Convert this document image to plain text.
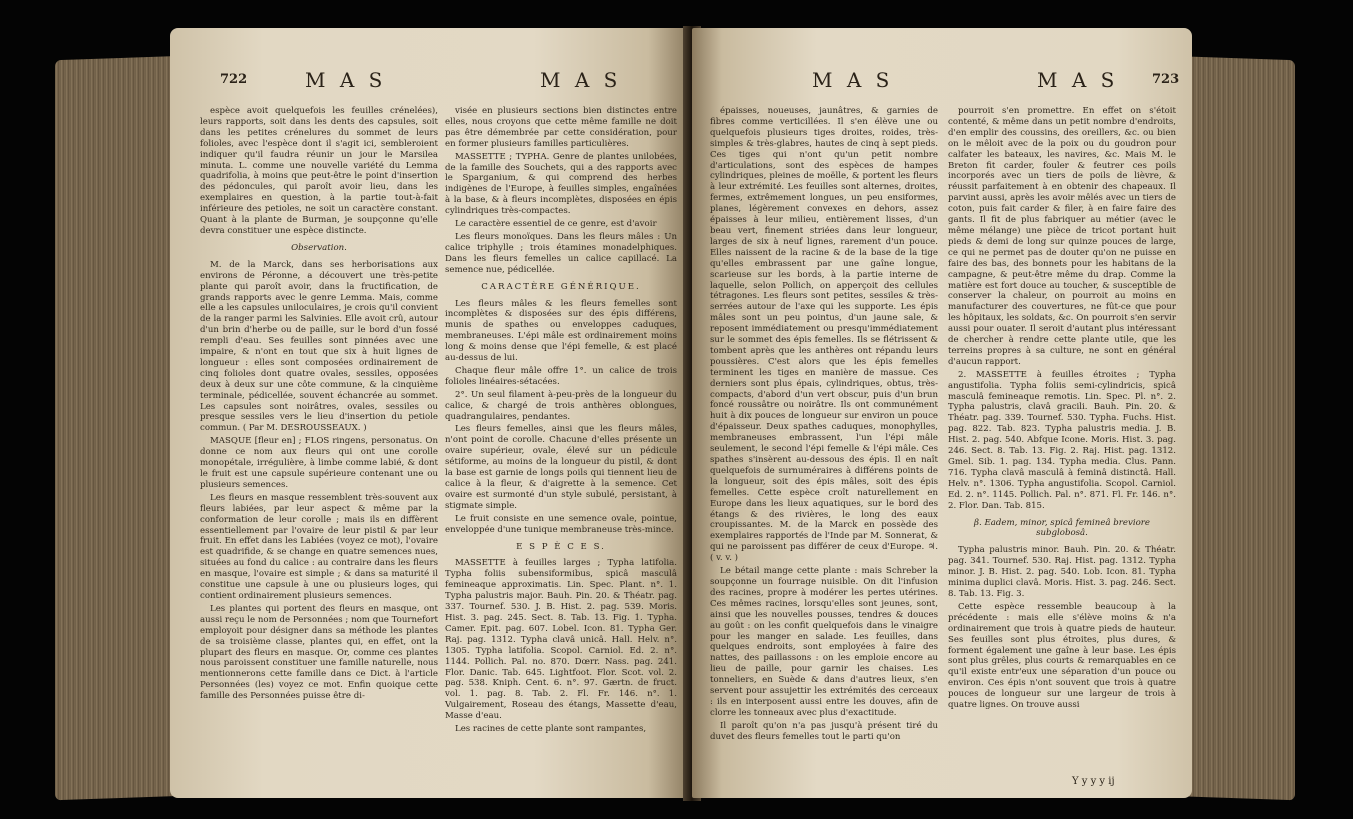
722	M A S	M A S

espèce avoit quelquefois les feuilles crénelées), leurs rapports, soit dans les dents des capsules, soit dans les petites crénelures du sommet de leurs folioles, avec l'espèce dont il s'agit ici, sembleroient indiquer qu'il faudra réunir un jour le Marsilea minuta. L. comme une nouvelle variété du Lemma quadrifolia, à moins que peut-être le point d'insertion des pédoncules, qui paroît avoir lieu, dans les exemplaires en question, à la partie tout-à-fait inférieure des petioles, ne soit un caractère constant. Quant à la plante de Burman, je soupçonne qu'elle devra constituer une espèce distincte.

Observation.

M. de la Marck, dans ses herborisations aux environs de Péronne, a découvert une très-petite plante qui paroît avoir, dans la fructification, de grands rapports avec le genre Lemma. Mais, comme elle a les capsules uniloculaires, je crois qu'il convient de la ranger parmi les Salvinies. Elle avoit crû, autour d'un brin d'herbe ou de paille, sur le bord d'un fossé rempli d'eau. Ses feuilles sont pinnées avec une impaire, & n'ont en tout que six à huit lignes de longueur : elles sont composées ordinairement de cinq folioles dont quatre ovales, sessiles, opposées deux à deux sur une côte commune, & la cinquième terminale, pédicellée, souvent échancrée au sommet. Les capsules sont noirâtres, ovales, sessiles ou presque sessiles vers le lieu d'insertion du petiole commun. ( Par M. DESROUSSEAUX. )

MASQUE [fleur en] ; FLOS ringens, personatus. On donne ce nom aux fleurs qui ont une corolle monopétale, irrégulière, à limbe comme labié, & dont le fruit est une capsule supérieure contenant une ou plusieurs semences.

Les fleurs en masque ressemblent très-souvent aux fleurs labiées, par leur aspect & même par la conformation de leur corolle ; mais ils en diffèrent essentiellement par l'ovaire de leur pistil & par leur fruit. En effet dans les Labiées (voyez ce mot), l'ovaire est quadrifide, & se change en quatre semences nues, situées au fond du calice : au contraire dans les fleurs en masque, l'ovaire est simple ; & dans sa maturité il constitue une capsule à une ou plusieurs loges, qui contient ordinairement plusieurs semences.

Les plantes qui portent des fleurs en masque, ont aussi reçu le nom de Personnées ; nom que Tournefort employoit pour désigner dans sa méthode les plantes de sa troisième classe, plantes qui, en effet, ont la plupart des fleurs en masque. Or, comme ces plantes nous paroissent constituer une famille naturelle, nous mentionnerons cette famille dans ce Dict. à l'article Personnées (les) voyez ce mot. Enfin quoique cette famille des Personnées puisse être di-

visée en plusieurs sections bien distinctes entre elles, nous croyons que cette même famille ne doit pas être démembrée par cette considération, pour en former plusieurs familles particulières.

MASSETTE ; TYPHA. Genre de plantes unilobées, de la famille des Souchets, qui a des rapports avec le Sparganium, & qui comprend des herbes indigènes de l'Europe, à feuilles simples, engaînées à la base, & à fleurs incomplètes, disposées en épis cylindriques très-compactes.

Le caractère essentiel de ce genre, est d'avoir

Les fleurs monoïques. Dans les fleurs mâles : Un calice triphylle ; trois étamines monadelphiques. Dans les fleurs femelles un calice capillacé. La semence nue, pédicellée.

CARACTÈRE GÉNÉRIQUE.

Les fleurs mâles & les fleurs femelles sont incomplètes & disposées sur des épis différens, munis de spathes ou enveloppes caduques, membraneuses. L'épi mâle est ordinairement moins long & moins dense que l'épi femelle, & est placé au-dessus de lui.

Chaque fleur mâle offre 1°. un calice de trois folioles linéaires-sétacées.

2°. Un seul filament à-peu-près de la longueur du calice, & chargé de trois anthères oblongues, quadrangulaires, pendantes.

Les fleurs femelles, ainsi que les fleurs mâles, n'ont point de corolle. Chacune d'elles présente un ovaire supérieur, ovale, élevé sur un pédicule sétiforme, au moins de la longueur du pistil, & dont la base est garnie de longs poils qui tiennent lieu de calice à la fleur, & d'aigrette à la semence. Cet ovaire est surmonté d'un style subulé, persistant, à stigmate simple.

Le fruit consiste en une semence ovale, pointue, enveloppée d'une tunique membraneuse très-mince.

E S P È C E S.

MASSETTE à feuilles larges ; Typha latifolia. Typha foliis subensiformibus, spicâ masculâ femineaque approximatis. Lin. Spec. Plant. n°. 1. Typha palustris major. Bauh. Pin. 20. & Théatr. pag. 337. Tournef. 530. J. B. Hist. 2. pag. 539. Moris. Hist. 3. pag. 245. Sect. 8. Tab. 13. Fig. 1. Typha. Camer. Epit. pag. 607. Lobel. Icon. 81. Typha Ger. Raj. pag. 1312. Typha clavâ unicâ. Hall. Helv. n°. 1305. Typha latifolia. Scopol. Carniol. Ed. 2. n°. 1144. Pollich. Pal. no. 870. Dœrr. Nass. pag. 241. Flor. Danic. Tab. 645. Lightfoot. Flor. Scot. vol. 2. pag. 538. Kniph. Cent. 6. n°. 97. Gærtn. de fruct. vol. 1. pag. 8. Tab. 2. Fl. Fr. 146. n°. 1. Vulgairement, Roseau des étangs, Massette d'eau, Masse d'eau.

Les racines de cette plante sont rampantes,

M A S	M A S	723

épaisses, noueuses, jaunâtres, & garnies de fibres comme verticillées. Il s'en élève une ou quelquefois plusieurs tiges droites, roides, très-simples & très-glabres, hautes de cinq à sept pieds. Ces tiges qui n'ont qu'un petit nombre d'articulations, sont des espèces de hampes cylindriques, pleines de moëlle, & portent les fleurs à leur extrémité. Les feuilles sont alternes, droites, fermes, extrêmement longues, un peu ensiformes, planes, légèrement convexes en dehors, assez épaisses à leur milieu, entièrement lisses, d'un beau vert, finement striées dans leur longueur, larges de six à neuf lignes, rarement d'un pouce. Elles naissent de la racine & de la base de la tige qu'elles embrassent par une gaîne longue, scarieuse sur les bords, à la partie interne de laquelle, selon Pollich, on apperçoit des cellules tétragones. Les fleurs sont petites, sessiles & très-serrées autour de l'axe qui les supporte. Les épis mâles sont un peu pointus, d'un jaune sale, & reposent immédiatement ou presqu'immédiatement sur le sommet des épis femelles. Ils se flétrissent & tombent après que les anthères ont répandu leurs poussières. C'est alors que les épis femelles terminent les tiges en manière de massue. Ces derniers sont plus épais, cylindriques, obtus, très-compacts, d'abord d'un vert obscur, puis d'un brun foncé roussâtre ou noirâtre. Ils ont communément huit à dix pouces de longueur sur environ un pouce d'épaisseur. Deux spathes caduques, monophylles, membraneuses embrassent, l'un l'épi mâle seulement, le second l'épi femelle & l'épi mâle. Ces spathes s'insèrent au-dessous des épis. Il en naît quelquefois de surnuméraires à différens points de la longueur, soit des épis mâles, soit des épis femelles. Cette espèce croît naturellement en Europe dans les lieux aquatiques, sur le bord des étangs & des rivières, le long des eaux croupissantes. M. de la Marck en possède des exemplaires rapportés de l'Inde par M. Sonnerat, & qui ne paroissent pas différer de ceux d'Europe. ♃. ( v. v. )

Le bétail mange cette plante : mais Schreber la soupçonne un fourrage nuisible. On dit l'infusion des racines, propre à modérer les pertes utérines. Ces mêmes racines, lorsqu'elles sont jeunes, sont, ainsi que les nouvelles pousses, tendres & douces au goût : on les confit quelquefois dans le vinaigre pour les manger en salade. Les feuilles, dans quelques endroits, sont employées à faire des nattes, des paillassons : on les emploie encore au lieu de paille, pour garnir les chaises. Les tonneliers, en Suède & dans d'autres lieux, s'en servent pour assujettir les extrémités des cerceaux : ils en interposent aussi entre les douves, afin de clorre les tonneaux avec plus d'exactitude.

Il paroît qu'on n'a pas jusqu'à présent tiré du duvet des fleurs femelles tout le parti qu'on

pourroit s'en promettre. En effet on s'étoit contenté, & même dans un petit nombre d'endroits, d'en emplir des coussins, des oreillers, &c. ou bien on le mêloit avec de la poix ou du goudron pour calfater les bateaux, les navires, &c. Mais M. le Breton fit carder, fouler & feutrer ces poils incorporés avec un tiers de poils de lièvre, & réussit parfaitement à en obtenir des chapeaux. Il parvint aussi, après les avoir mêlés avec un tiers de coton, puis fait carder & filer, à en faire faire des gants. Il fit de plus fabriquer au métier (avec le même mélange) une pièce de tricot portant huit pieds & demi de long sur quinze pouces de large, ce qui ne permet pas de douter qu'on ne puisse en faire des bas, des bonnets pour les habitans de la campagne, & peut-être même du drap. Comme la matière est fort douce au toucher, & susceptible de conserver la chaleur, on pourroit au moins en manufacturer des couvertures, ne fût-ce que pour les hôpitaux, les soldats, &c. On pourroit s'en servir aussi pour ouater. Il seroit d'autant plus intéressant de chercher à rendre cette plante utile, que les terreins propres à sa culture, ne sont en général d'aucun rapport.

2. MASSETTE à feuilles étroites ; Typha angustifolia. Typha foliis semi-cylindricis, spicâ masculâ femineaque remotis. Lin. Spec. Pl. n°. 2. Typha palustris, clavâ gracili. Bauh. Pin. 20. & Théatr. pag. 339. Tournef. 530. Typha. Fuchs. Hist. pag. 822. Tab. 823. Typha palustris media. J. B. Hist. 2. pag. 540. Abfque Icone. Moris. Hist. 3. pag. 246. Sect. 8. Tab. 13. Fig. 2. Raj. Hist. pag. 1312. Gmel. Sib. 1. pag. 134. Typha media. Clus. Pann. 716. Typha clavâ masculâ à feminâ distinctâ. Hall. Helv. n°. 1306. Typha angustifolia. Scopol. Carniol. Ed. 2. n°. 1145. Pollich. Pal. n°. 871. Fl. Fr. 146. n°. 2. Flor. Dan. Tab. 815.

β. Eadem, minor, spicâ femineâ breviore subglobosâ.

Typha palustris minor. Bauh. Pin. 20. & Théatr. pag. 341. Tournef. 530. Raj. Hist. pag. 1312. Typha minor. J. B. Hist. 2. pag. 540. Lob. Icon. 81. Typha minima duplici clavâ. Moris. Hist. 3. pag. 246. Sect. 8. Tab. 13. Fig. 3.

Cette espèce ressemble beaucoup à la précédente : mais elle s'élève moins & n'a ordinairement que trois à quatre pieds de hauteur. Ses feuilles sont plus étroites, plus dures, & forment également une gaîne à leur base. Les épis sont plus grêles, plus courts & remarquables en ce qu'il existe entr'eux une séparation d'un pouce ou environ. Ces épis n'ont souvent que trois à quatre pouces de longueur sur une largeur de trois à quatre lignes. On trouve aussi

Y y y y ij
